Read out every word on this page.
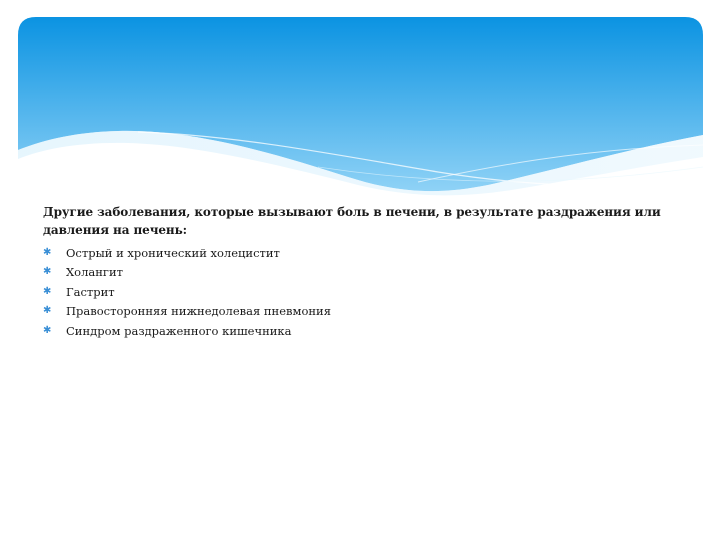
Другие заболевания, которые вызывают боль в печени, в результате раздражения или давления на печень:

✱	Острый и хронический холецистит
✱	Холангит
✱	Гастрит
✱	Правосторонняя нижнедолевая пневмония
✱	Синдром раздраженного кишечника
